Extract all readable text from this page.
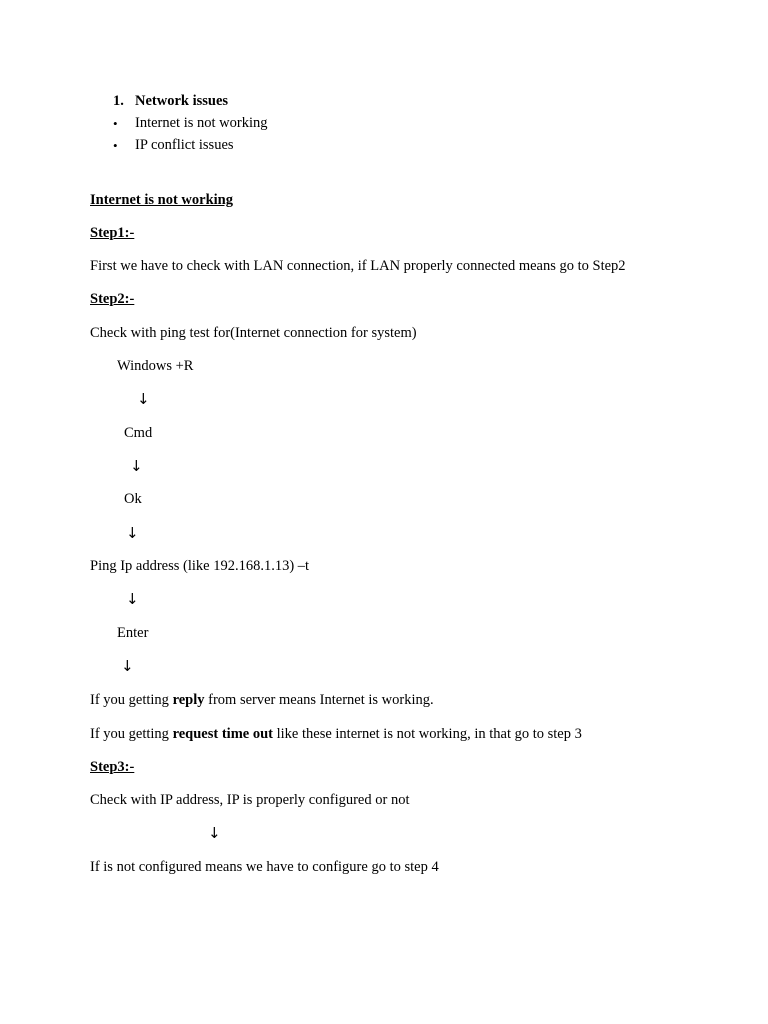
1. Network issues
• Internet is not working
• IP conflict issues
Internet is not working
Step1:-
First we have to check with LAN connection, if LAN properly connected means go to Step2
Step2:-
Check with ping test for(Internet connection for system)
Windows +R
↓
Cmd
↓
Ok
↓
Ping Ip address (like 192.168.1.13) –t
↓
Enter
↓
If you getting reply from server means Internet is working.
If you getting request time out like these internet is not working, in that go to step 3
Step3:-
Check with IP address, IP is properly configured or not
↓
If is not configured means we have to configure go to step 4
